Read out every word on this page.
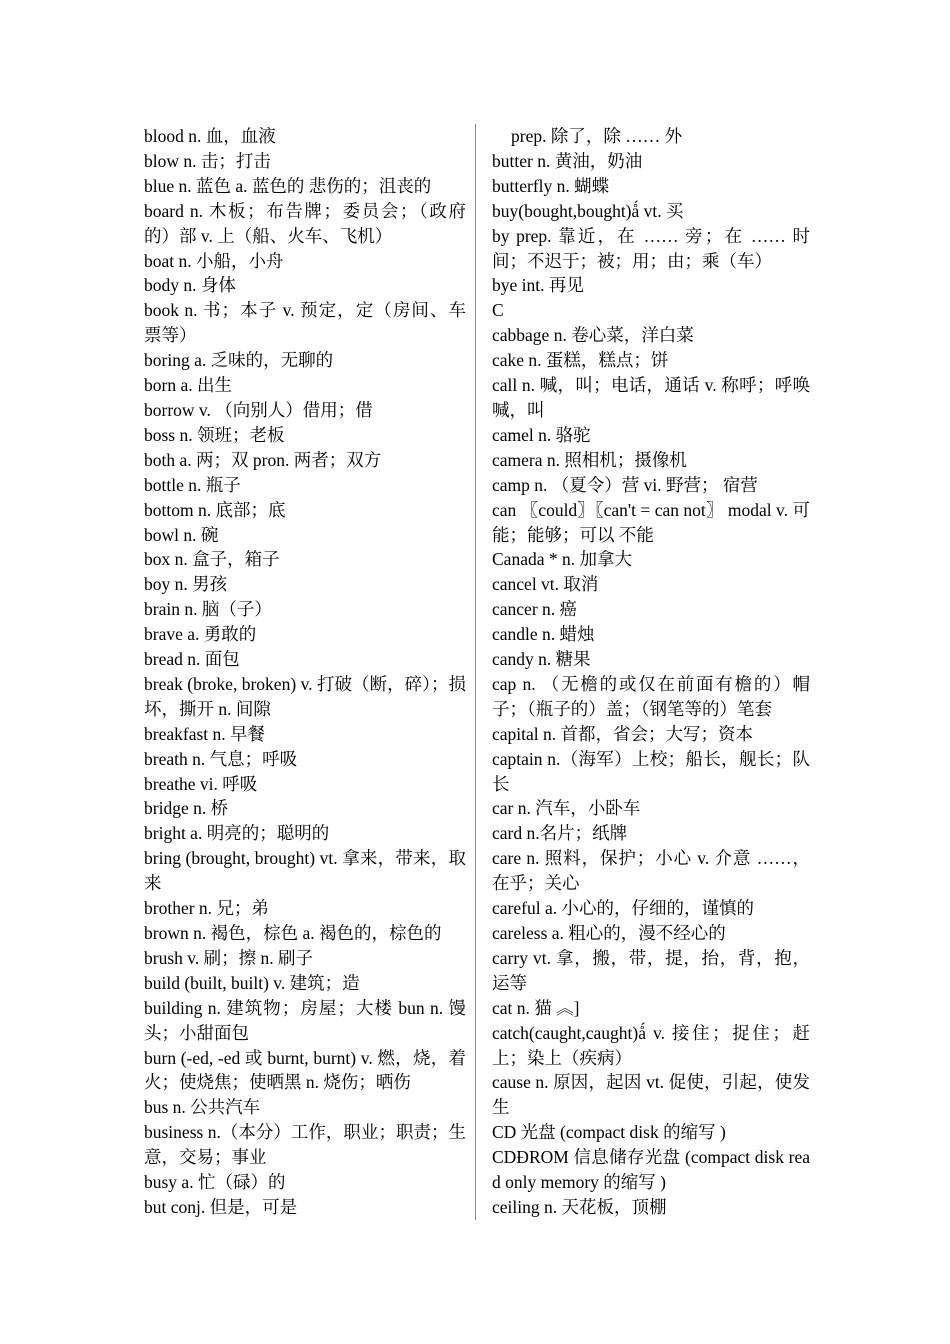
blood n. 血，血液
blow n. 击；打击
blue n. 蓝色 a. 蓝色的 悲伤的；沮丧的
board n. 木板；布告牌；委员会；（政府的）部 v. 上（船、火车、飞机）
boat n. 小船，小舟
body n. 身体
book n. 书；本子 v. 预定，定（房间、车票等）
boring a. 乏味的，无聊的
born a. 出生
borrow v. （向别人）借用；借
boss n. 领班；老板
both a. 两；双 pron. 两者；双方
bottle n. 瓶子
bottom n. 底部；底
bowl n. 碗
box n. 盒子，箱子
boy n. 男孩
brain n. 脑（子）
brave a. 勇敢的
bread n. 面包
break (broke, broken) v. 打破（断，碎）；损坏，撕开 n. 间隙
breakfast n. 早餐
breath n. 气息；呼吸
breathe vi. 呼吸
bridge n. 桥
bright a. 明亮的；聪明的
bring (brought, brought) vt. 拿来，带来，取来
brother n. 兄；弟
brown n. 褐色，棕色 a. 褐色的，棕色的
brush v. 刷；擦 n. 刷子
build (built, built) v. 建筑；造
building n. 建筑物；房屋；大楼 bun n. 馒头；小甜面包
burn (-ed, -ed 或 burnt, burnt) v. 燃，烧，着火；使烧焦；使晒黑 n. 烧伤；晒伤
bus n. 公共汽车
business n.（本分）工作，职业；职责；生意，交易；事业
busy a. 忙（碌）的
but conj. 但是，可是
prep. 除了，除 …… 外
butter n. 黄油，奶油
butterfly n. 蝴蝶
buy(bought,bought)ǻ vt. 买
by prep. 靠近，在 …… 旁；在 …… 时间；不迟于；被；用；由；乘（车）
bye int. 再见
C
cabbage n. 卷心菜，洋白菜
cake n. 蛋糕，糕点；饼
call n. 喊，叫；电话，通话 v. 称呼；呼唤喊，叫
camel n. 骆驼
camera n. 照相机；摄像机
camp n. （夏令）营 vi. 野营； 宿营
can 〖could〗〖can't = can not〗 modal v. 可能；能够；可以 不能
Canada * n. 加拿大
cancel vt. 取消
cancer n. 癌
candle n. 蜡烛
candy n. 糖果
cap n. （无檐的或仅在前面有檐的）帽子；（瓶子的）盖；（钢笔等的）笔套
capital n. 首都，省会；大写；资本
captain n.（海军）上校；船长，舰长；队长
car n. 汽车，小卧车
card n.名片；纸牌
care n. 照料，保护；小心 v. 介意 ……，在乎；关心
careful a. 小心的，仔细的，谨慎的
careless a. 粗心的，漫不经心的
carry vt. 拿，搬，带，提，抬，背，抱，运等
cat n. 猫 ︽]
catch(caught,caught)ǻ v. 接住；捉住；赶上；染上（疾病）
cause n. 原因，起因 vt. 促使，引起，使发生
CD 光盘 (compact disk 的缩写 )
CDĐROM 信息储存光盘 (compact disk read only memory 的缩写 )
ceiling n. 天花板，顶棚
